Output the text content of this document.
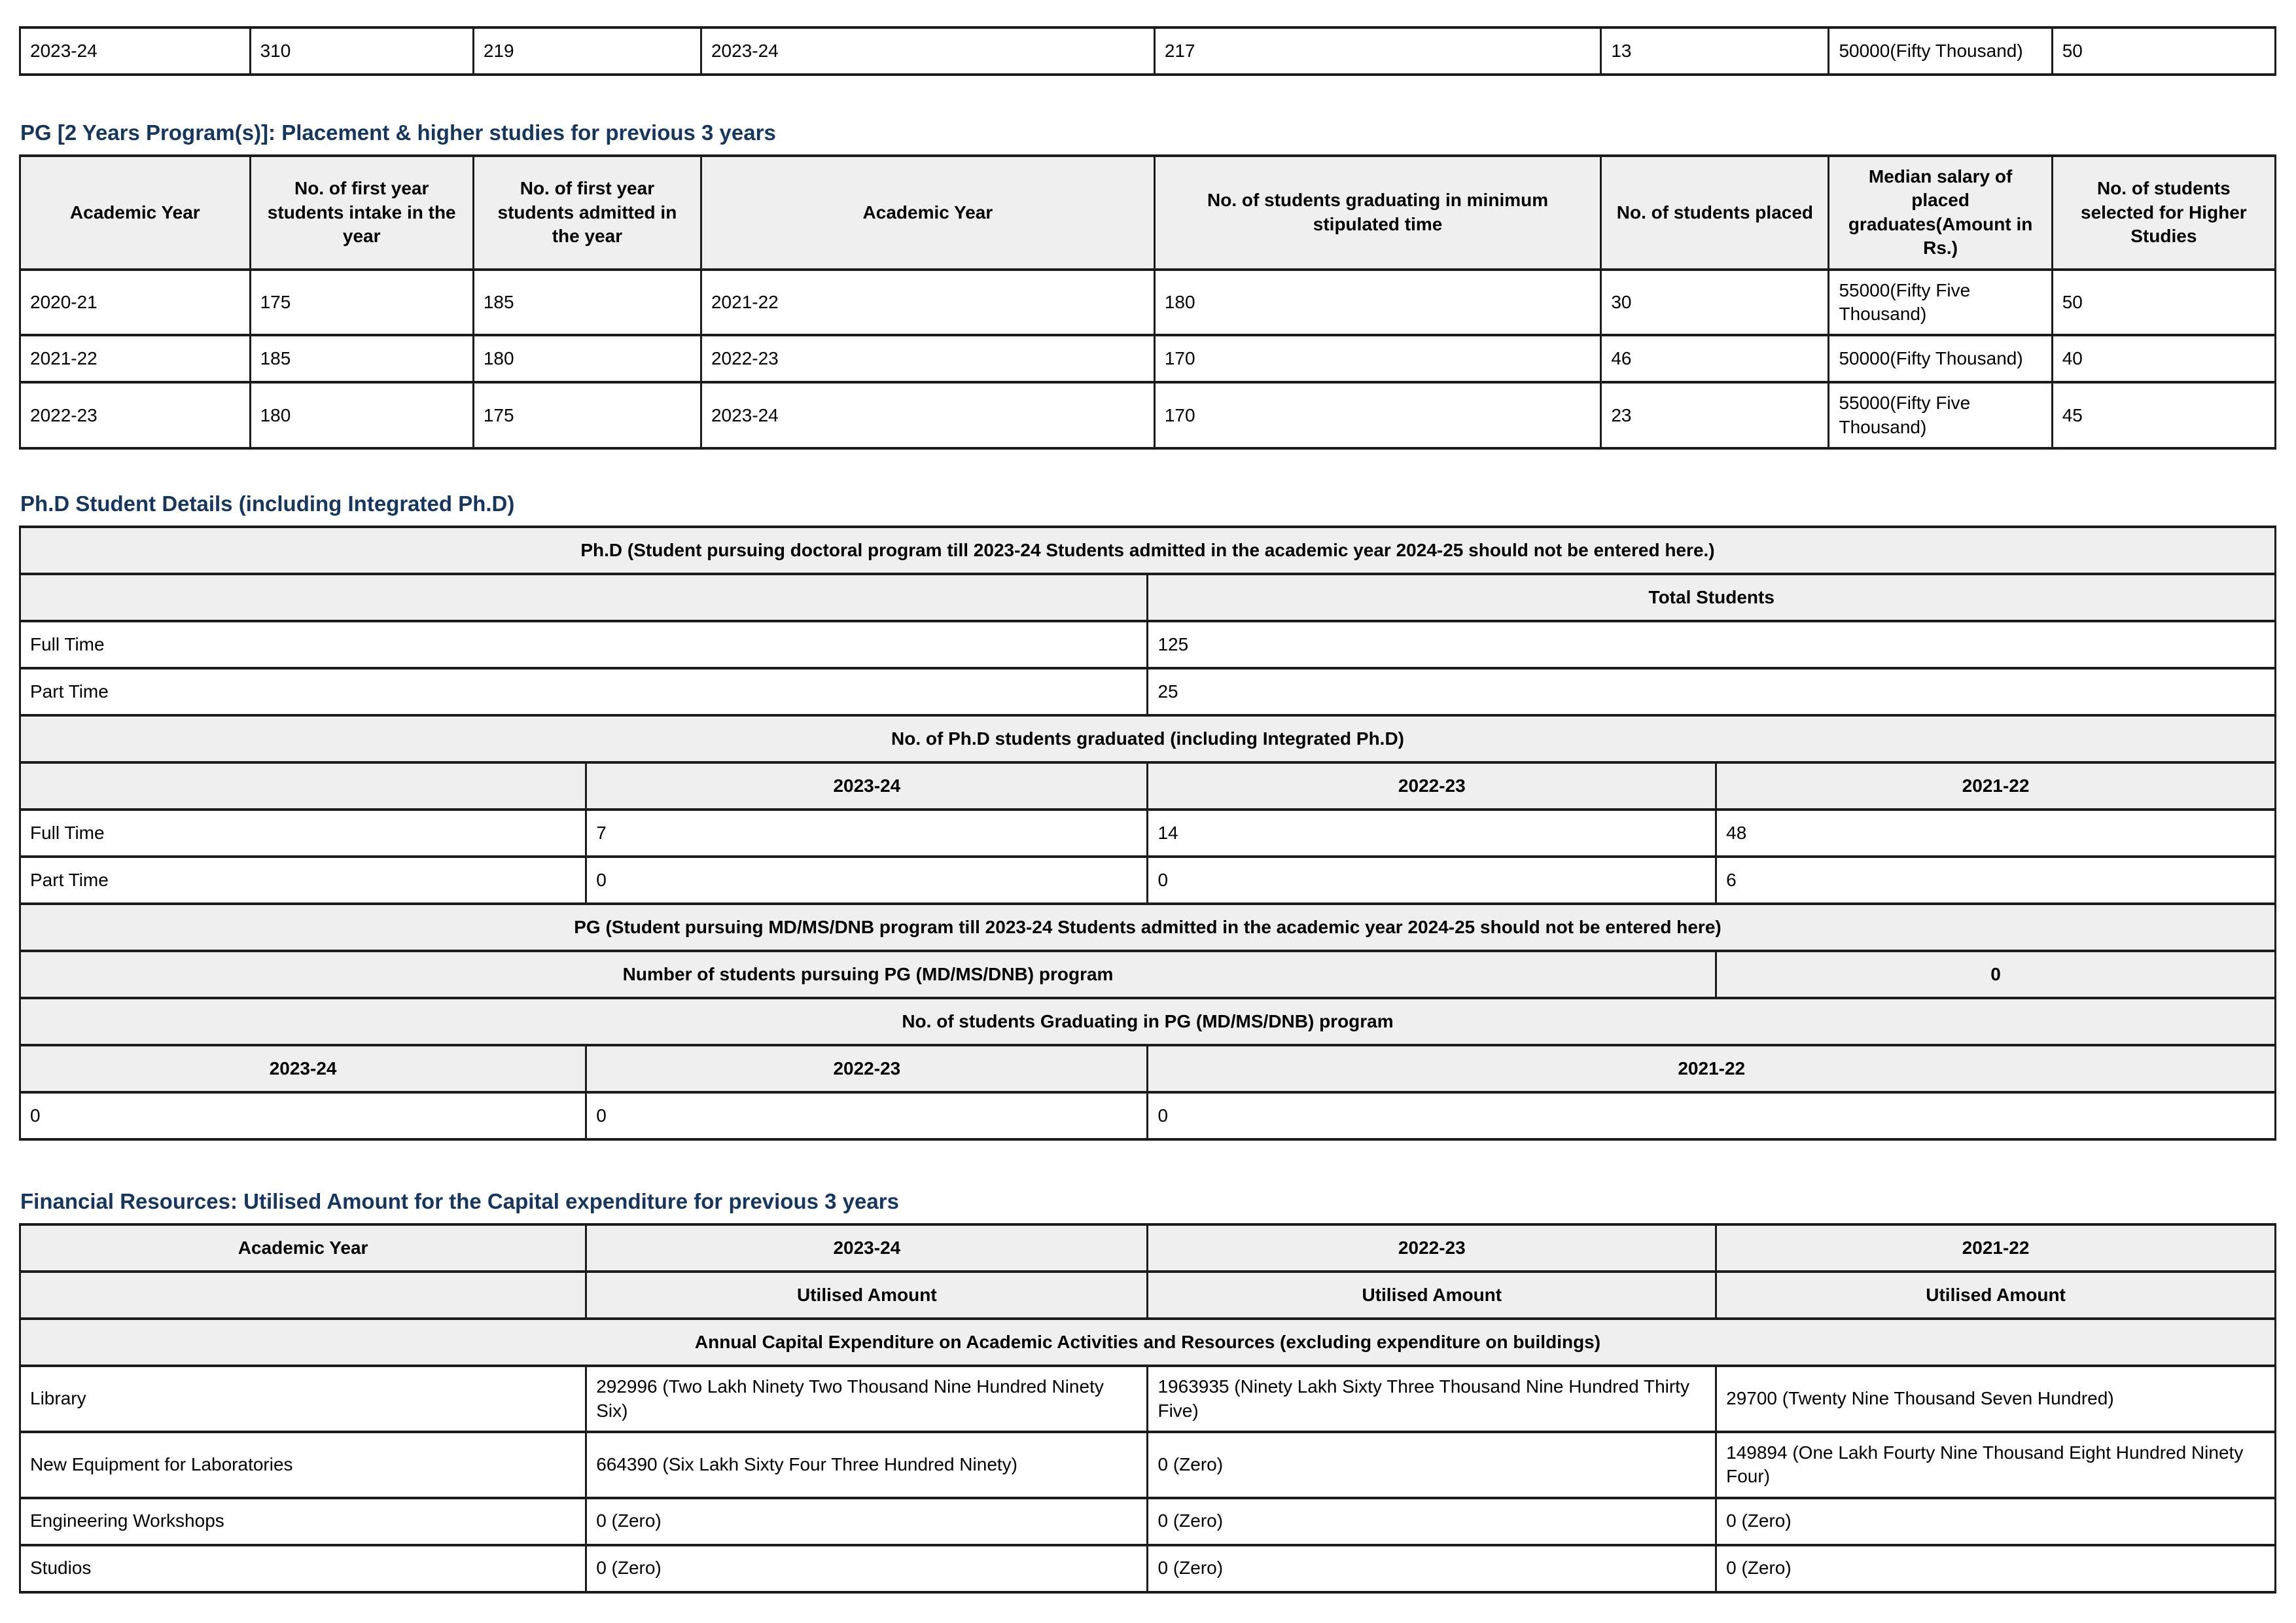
2023-24	310	219	2023-24	217	13	50000(Fifty Thousand)	50
PG [2 Years Program(s)]: Placement & higher studies for previous 3 years
Academic Year	No. of first year students intake in the year	No. of first year students admitted in the year	Academic Year	No. of students graduating in minimum stipulated time	No. of students placed	Median salary of placed graduates(Amount in Rs.)	No. of students selected for Higher Studies
2020-21	175	185	2021-22	180	30	55000(Fifty Five Thousand)	50
2021-22	185	180	2022-23	170	46	50000(Fifty Thousand)	40
2022-23	180	175	2023-24	170	23	55000(Fifty Five Thousand)	45
Ph.D Student Details (including Integrated Ph.D)
Ph.D (Student pursuing doctoral program till 2023-24 Students admitted in the academic year 2024-25 should not be entered here.)			
		Total Students	
Full Time		125	
Part Time		25	
No. of Ph.D students graduated (including Integrated Ph.D)			
	2023-24	2022-23	2021-22
Full Time	7	14	48
Part Time	0	0	6
PG (Student pursuing MD/MS/DNB program till 2023-24 Students admitted in the academic year 2024-25 should not be entered here)			
Number of students pursuing PG (MD/MS/DNB) program			0
No. of students Graduating in PG (MD/MS/DNB) program			
2023-24	2022-23	2021-22	
0	0	0	
Financial Resources: Utilised Amount for the Capital expenditure for previous 3 years
Academic Year	2023-24	2022-23	2021-22
	Utilised Amount	Utilised Amount	Utilised Amount
Annual Capital Expenditure on Academic Activities and Resources (excluding expenditure on buildings)			
Library	292996 (Two Lakh Ninety Two Thousand Nine Hundred Ninety Six)	1963935 (Ninety Lakh Sixty Three Thousand Nine Hundred Thirty Five)	29700 (Twenty Nine Thousand Seven Hundred)
New Equipment for Laboratories	664390 (Six Lakh Sixty Four Three Hundred Ninety)	0 (Zero)	149894 (One Lakh Fourty Nine Thousand Eight Hundred Ninety Four)
Engineering Workshops	0 (Zero)	0 (Zero)	0 (Zero)
Studios	0 (Zero)	0 (Zero)	0 (Zero)
